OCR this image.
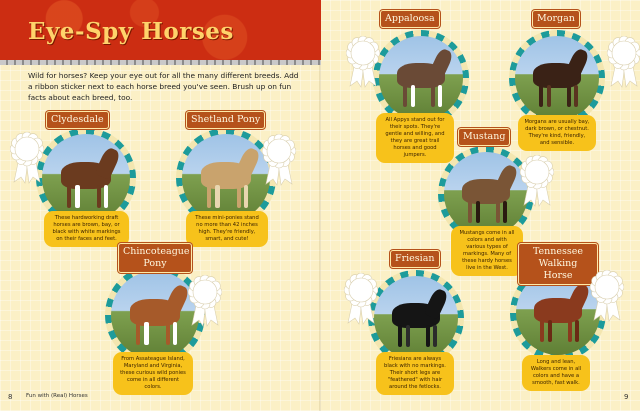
Eye-Spy Horses
Wild for horses? Keep your eye out for all the many different breeds. Add a ribbon sticker next to each horse breed you've seen. Brush up on fun facts about each breed, too.
Clydesdale
These hardworking draft horses are brown, bay, or black with white markings on their faces and feet.
Shetland Pony
These mini-ponies stand no more than 42 inches high. They're friendly, smart, and cute!
Chincoteague Pony
From Assateague Island, Maryland and Virginia, these curious wild ponies come in all different colors.
Appaloosa
All Appys stand out for their spots. They're gentle and willing, and they are great trail horses and good jumpers.
Morgan
Morgans are usually bay, dark brown, or chestnut. They're kind, friendly, and sensible.
Mustang
Mustangs come in all colors and with various types of markings. Many of these hardy horses live in the West.
Friesian
Friesians are always black with no markings. Their short legs are "feathered" with hair around the fetlocks.
Tennessee Walking Horse
Long and lean, Walkers come in all colors and have a smooth, fast walk.
8 Fun with (Real) Horses	9
